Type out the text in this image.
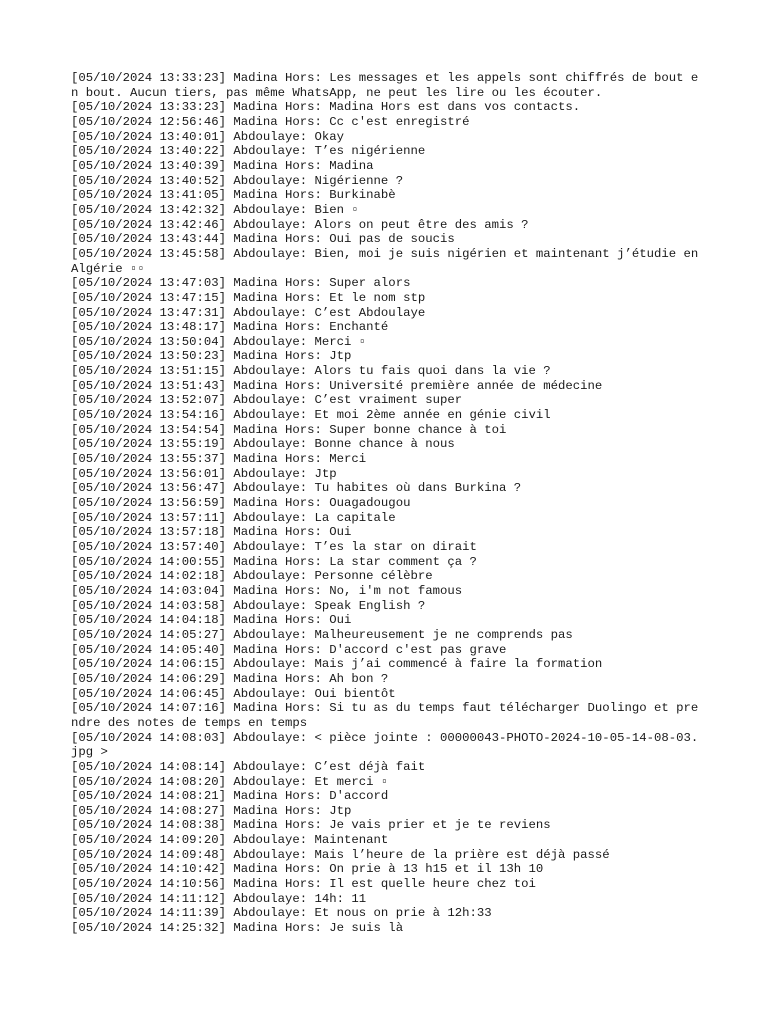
[05/10/2024 13:33:23] Madina Hors: Les messages et les appels sont chiffrés de bout en bout. Aucun tiers, pas même WhatsApp, ne peut les lire ou les écouter.
[05/10/2024 13:33:23] Madina Hors: Madina Hors est dans vos contacts.
[05/10/2024 12:56:46] Madina Hors: Cc c'est enregistré
[05/10/2024 13:40:01] Abdoulaye: Okay
[05/10/2024 13:40:22] Abdoulaye: T’es nigérienne
[05/10/2024 13:40:39] Madina Hors: Madina
[05/10/2024 13:40:52] Abdoulaye: Nigérienne ?
[05/10/2024 13:41:05] Madina Hors: Burkinabè
[05/10/2024 13:42:32] Abdoulaye: Bien ▫
[05/10/2024 13:42:46] Abdoulaye: Alors on peut être des amis ?
[05/10/2024 13:43:44] Madina Hors: Oui pas de soucis
[05/10/2024 13:45:58] Abdoulaye: Bien, moi je suis nigérien et maintenant j’étudie en Algérie ▫▫
[05/10/2024 13:47:03] Madina Hors: Super alors
[05/10/2024 13:47:15] Madina Hors: Et le nom stp
[05/10/2024 13:47:31] Abdoulaye: C’est Abdoulaye
[05/10/2024 13:48:17] Madina Hors: Enchanté
[05/10/2024 13:50:04] Abdoulaye: Merci ▫
[05/10/2024 13:50:23] Madina Hors: Jtp
[05/10/2024 13:51:15] Abdoulaye: Alors tu fais quoi dans la vie ?
[05/10/2024 13:51:43] Madina Hors: Université première année de médecine
[05/10/2024 13:52:07] Abdoulaye: C’est vraiment super
[05/10/2024 13:54:16] Abdoulaye: Et moi 2ème année en génie civil
[05/10/2024 13:54:54] Madina Hors: Super bonne chance à toi
[05/10/2024 13:55:19] Abdoulaye: Bonne chance à nous
[05/10/2024 13:55:37] Madina Hors: Merci
[05/10/2024 13:56:01] Abdoulaye: Jtp
[05/10/2024 13:56:47] Abdoulaye: Tu habites où dans Burkina ?
[05/10/2024 13:56:59] Madina Hors: Ouagadougou
[05/10/2024 13:57:11] Abdoulaye: La capitale
[05/10/2024 13:57:18] Madina Hors: Oui
[05/10/2024 13:57:40] Abdoulaye: T’es la star on dirait
[05/10/2024 14:00:55] Madina Hors: La star comment ça ?
[05/10/2024 14:02:18] Abdoulaye: Personne célèbre
[05/10/2024 14:03:04] Madina Hors: No, i'm not famous
[05/10/2024 14:03:58] Abdoulaye: Speak English ?
[05/10/2024 14:04:18] Madina Hors: Oui
[05/10/2024 14:05:27] Abdoulaye: Malheureusement je ne comprends pas
[05/10/2024 14:05:40] Madina Hors: D'accord c'est pas grave
[05/10/2024 14:06:15] Abdoulaye: Mais j’ai commencé à faire la formation
[05/10/2024 14:06:29] Madina Hors: Ah bon ?
[05/10/2024 14:06:45] Abdoulaye: Oui bientôt
[05/10/2024 14:07:16] Madina Hors: Si tu as du temps faut télécharger Duolingo et prendre des notes de temps en temps
[05/10/2024 14:08:03] Abdoulaye: < pièce jointe : 00000043-PHOTO-2024-10-05-14-08-03.jpg >
[05/10/2024 14:08:14] Abdoulaye: C’est déjà fait
[05/10/2024 14:08:20] Abdoulaye: Et merci ▫
[05/10/2024 14:08:21] Madina Hors: D'accord
[05/10/2024 14:08:27] Madina Hors: Jtp
[05/10/2024 14:08:38] Madina Hors: Je vais prier et je te reviens
[05/10/2024 14:09:20] Abdoulaye: Maintenant
[05/10/2024 14:09:48] Abdoulaye: Mais l’heure de la prière est déjà passé
[05/10/2024 14:10:42] Madina Hors: On prie à 13 h15 et il 13h 10
[05/10/2024 14:10:56] Madina Hors: Il est quelle heure chez toi
[05/10/2024 14:11:12] Abdoulaye: 14h: 11
[05/10/2024 14:11:39] Abdoulaye: Et nous on prie à 12h:33
[05/10/2024 14:25:32] Madina Hors: Je suis là
